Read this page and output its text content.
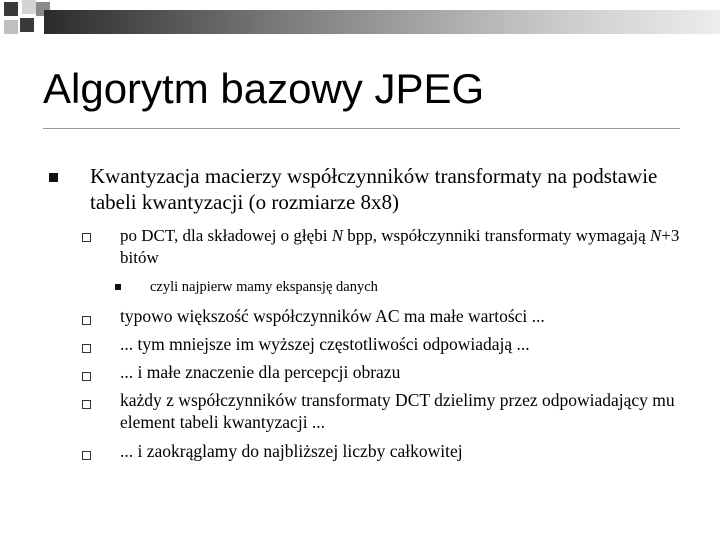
Algorytm bazowy JPEG
Kwantyzacja macierzy współczynników transformaty na podstawie tabeli kwantyzacji (o rozmiarze 8x8)
po DCT, dla składowej o głębi N bpp, współczynniki transformaty wymagają N+3 bitów
czyli najpierw mamy ekspansję danych
typowo większość współczynników AC ma małe wartości ...
... tym mniejsze im wyższej częstotliwości odpowiadają ...
... i małe znaczenie dla percepcji obrazu
każdy z współczynników transformaty DCT dzielimy przez odpowiadający mu element tabeli kwantyzacji ...
... i zaokrąglamy do najbliższej liczby całkowitej
